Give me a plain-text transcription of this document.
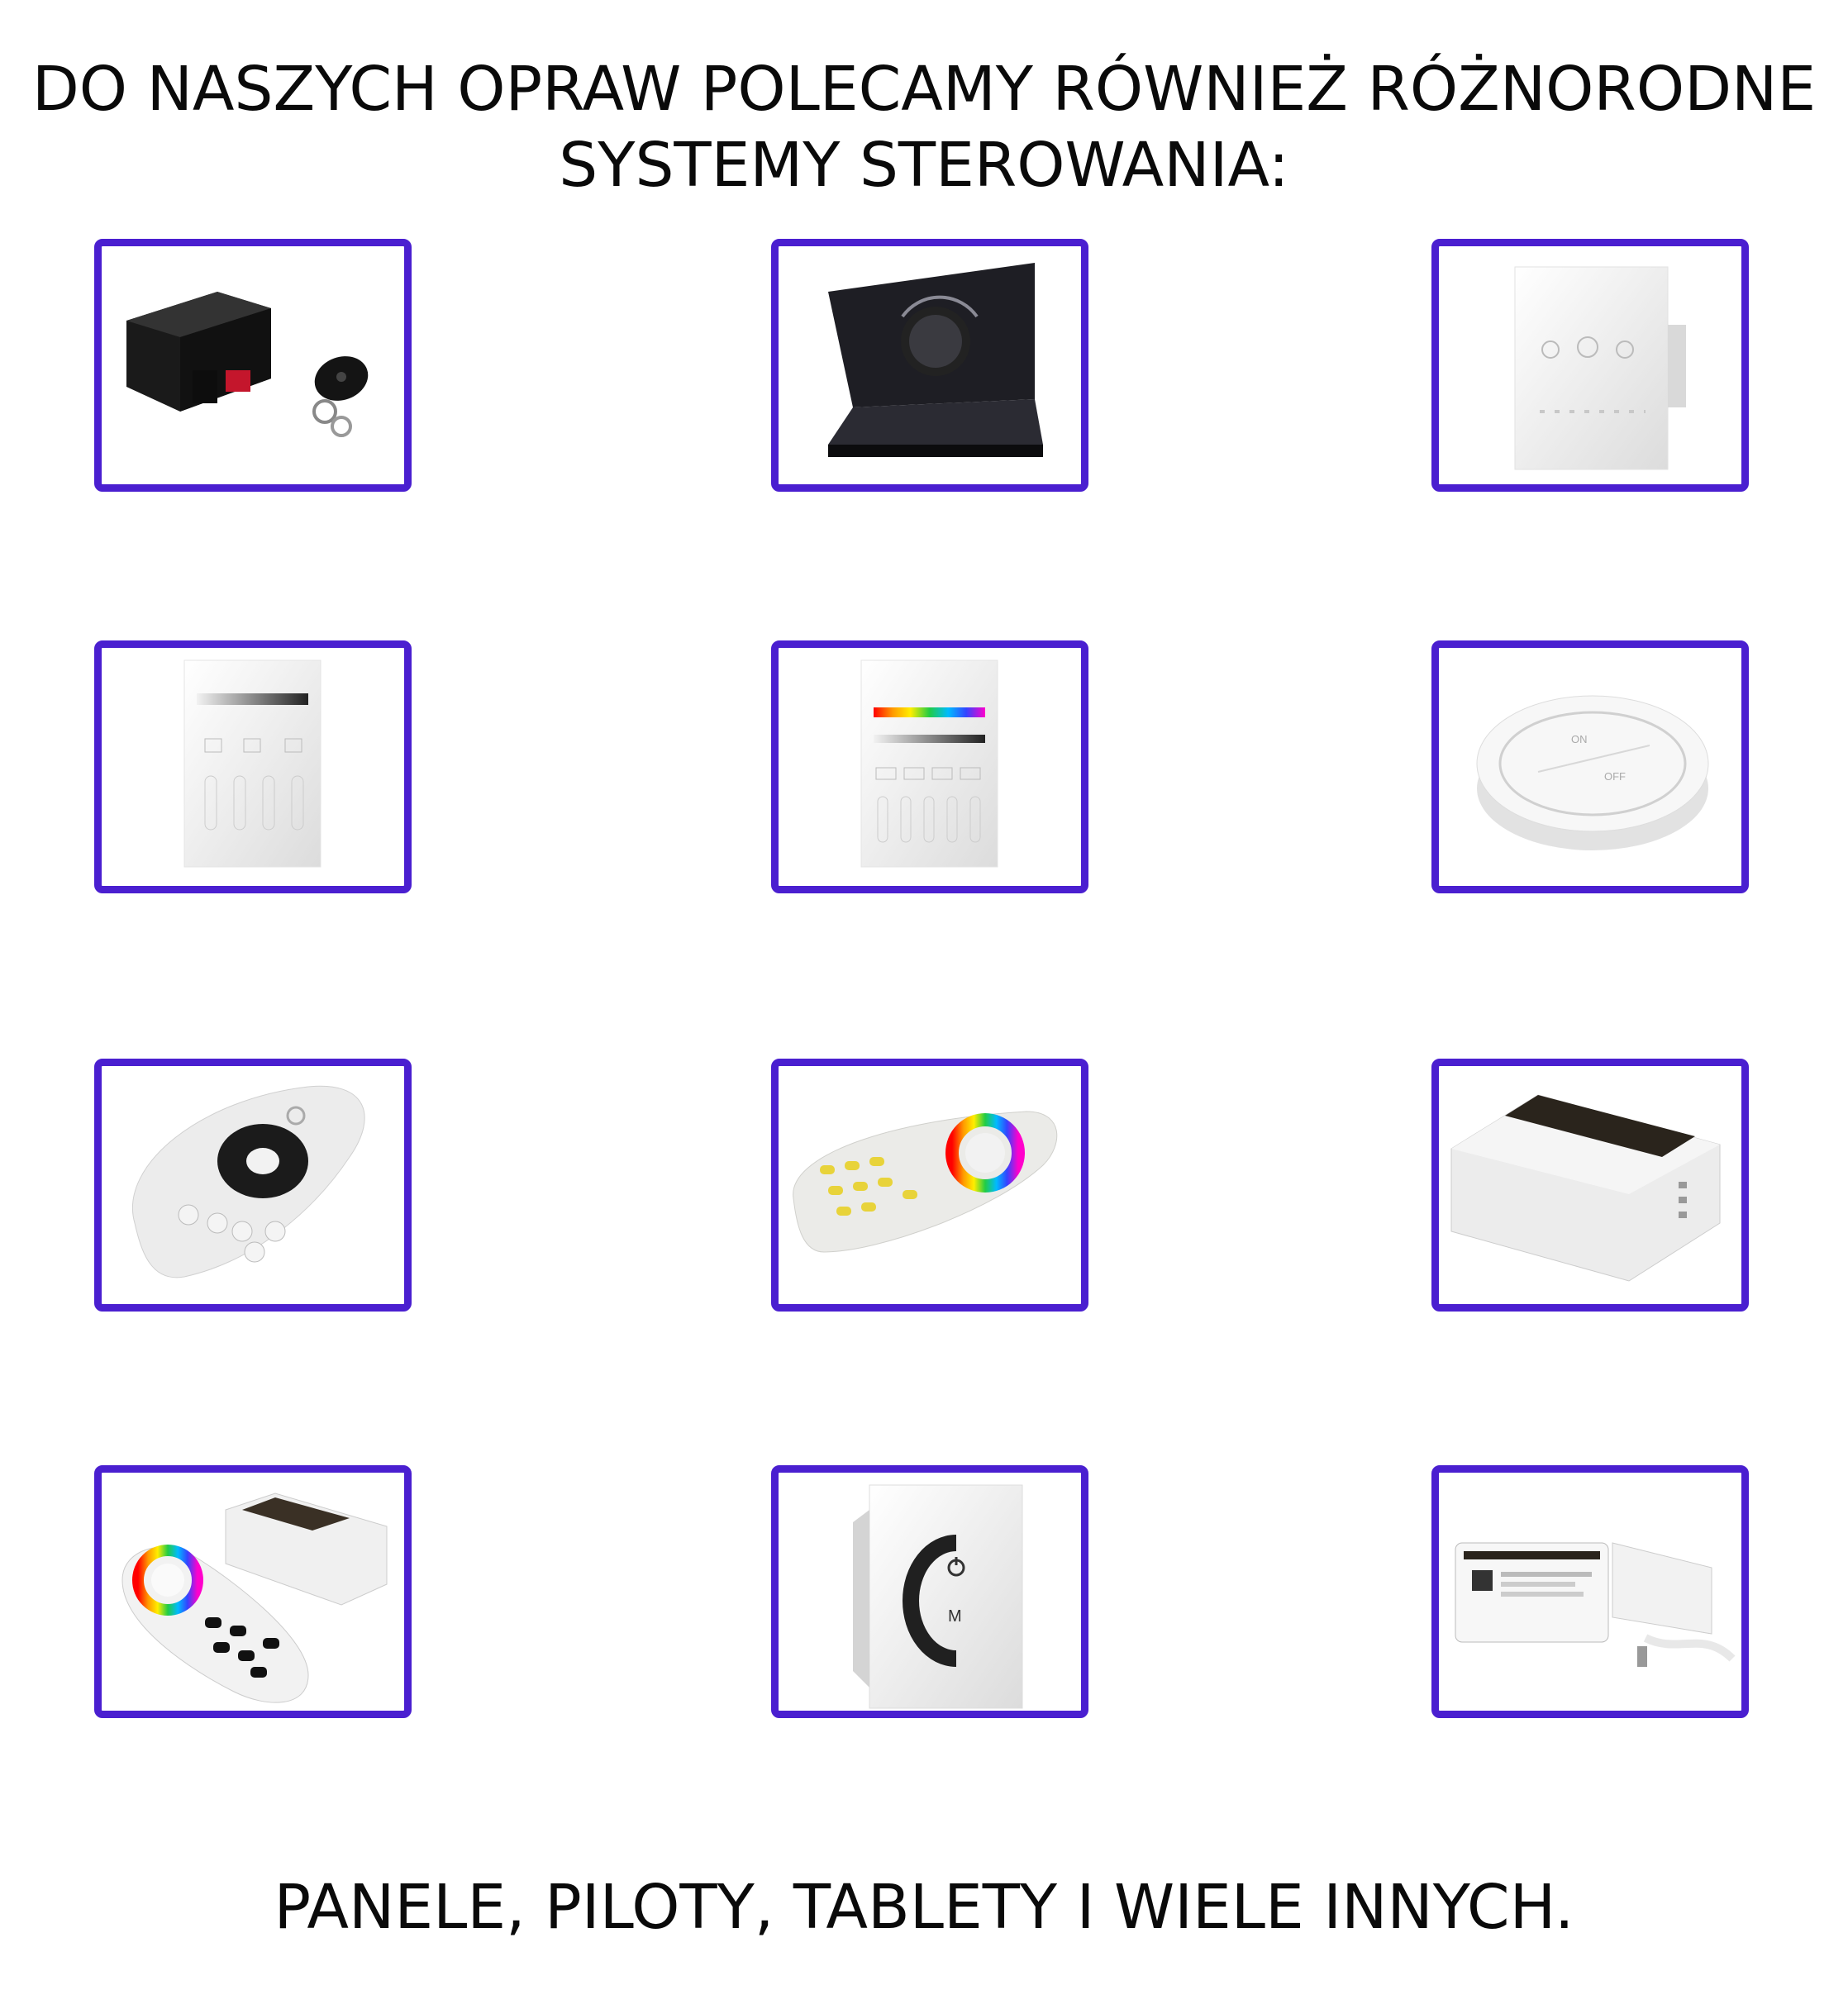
DO NASZYCH OPRAW POLECAMY RÓWNIEŻ RÓŻNORODNE
SYSTEMY STEROWANIA:
ON
OFF
M
PANELE, PILOTY, TABLETY I WIELE INNYCH.
